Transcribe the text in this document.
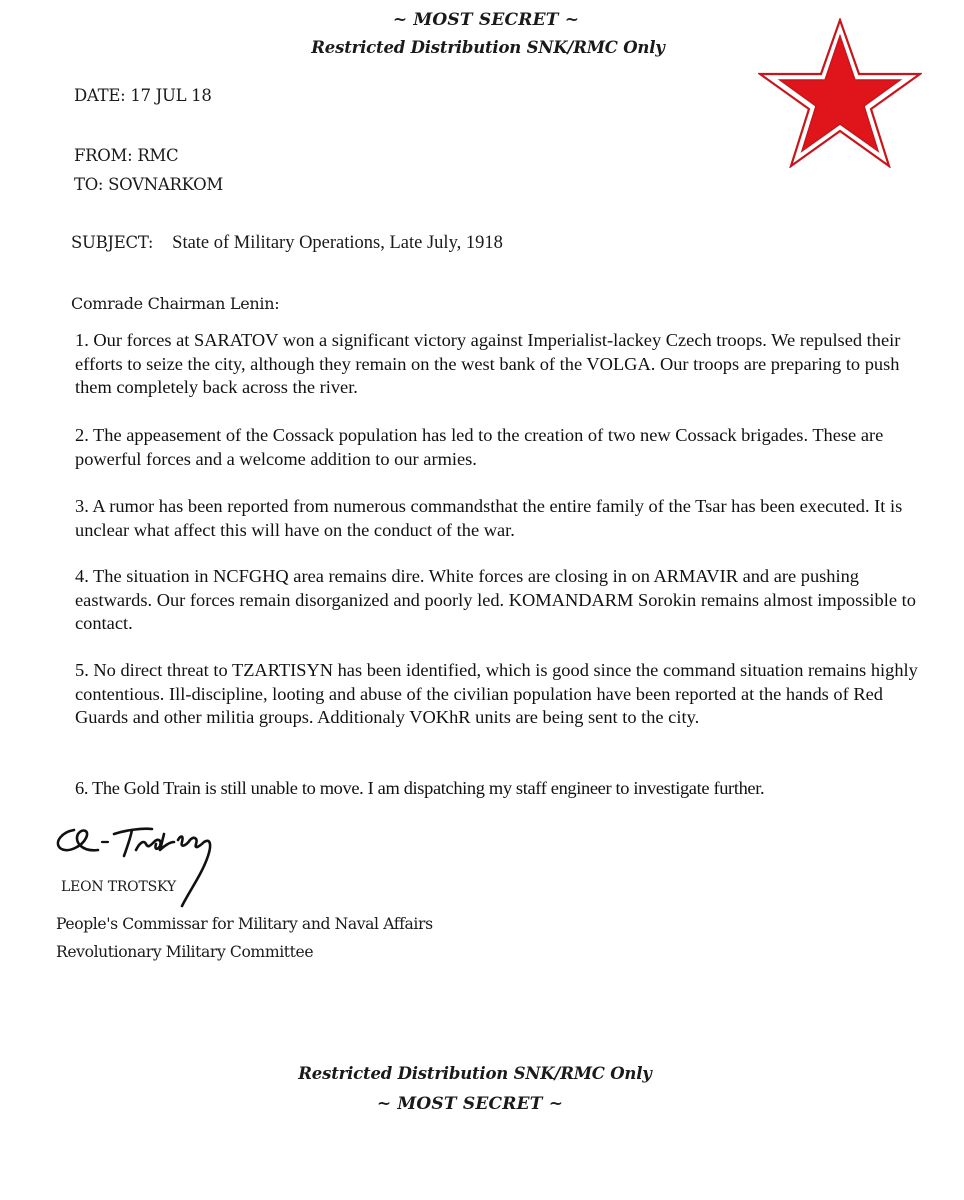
~ MOST SECRET ~
Restricted Distribution SNK/RMC Only
DATE: 17 JUL 18
FROM: RMC
TO: SOVNARKOM
SUBJECT: State of Military Operations, Late July, 1918
Comrade Chairman Lenin:

1. Our forces at SARATOV won a significant victory against Imperialist-lackey Czech troops. We repulsed their efforts to seize the city, although they remain on the west bank of the VOLGA. Our troops are preparing to push them completely back across the river.

2. The appeasement of the Cossack population has led to the creation of two new Cossack brigades. These are powerful forces and a welcome addition to our armies.

3. A rumor has been reported from numerous commandsthat the entire family of the Tsar has been executed. It is unclear what affect this will have on the conduct of the war.

4. The situation in NCFGHQ area remains dire. White forces are closing in on ARMAVIR and are pushing eastwards. Our forces remain disorganized and poorly led. KOMANDARM Sorokin remains almost impossible to contact.

5. No direct threat to TZARTISYN has been identified, which is good since the command situation remains highly contentious. Ill-discipline, looting and abuse of the civilian population have been reported at the hands of Red Guards and other militia groups. Additionaly VOKhR units are being sent to the city.

6. The Gold Train is still unable to move. I am dispatching my staff engineer to investigate further.

LEON TROTSKY
People's Commissar for Military and Naval Affairs
Revolutionary Military Committee
Restricted Distribution SNK/RMC Only
~ MOST SECRET ~
